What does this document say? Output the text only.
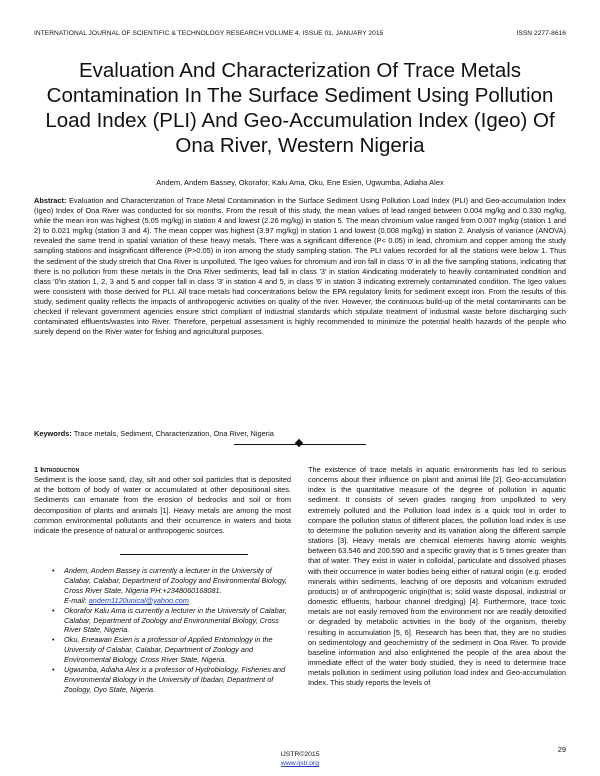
INTERNATIONAL JOURNAL OF SCIENTIFIC & TECHNOLOGY RESEARCH VOLUME 4, ISSUE 01, JANUARY 2015	ISSN 2277-8616
Evaluation And Characterization Of Trace Metals Contamination In The Surface Sediment Using Pollution Load Index (PLI) And Geo-Accumulation Index (Igeo) Of Ona River, Western Nigeria
Andem, Andem Bassey, Okorafor, Kalu Ama, Oku, Ene Esien, Ugwumba, Adiaha Alex
Abstract: Evaluation and Characterization of Trace Metal Contamination in the Surface Sediment Using Pollution Load Index (PLI) and Geo-accumulation Index (Igeo) Index of Ona River was conducted for six months. From the result of this study, the mean values of lead ranged between 0.004 mg/kg and 0.330 mg/kg, while the mean iron was highest (5.05 mg/kg) in station 4 and lowest (2.26 mg/kg) in station 5. The mean chromium value ranged from 0.007 mg/kg (station 1 and 2) to 0.021 mg/kg (station 3 and 4). The mean copper was highest (3.97 mg/kg) in station 1 and lowest (0.008 mg/kg) in station 2. Analysis of variance (ANOVA) revealed the same trend in spatial variation of these heavy metals. There was a significant difference (P< 0.05) in lead, chromium and copper among the study sampling stations and insignificant difference (P>0.05) in iron among the study sampling station. The PLI values recorded for all the stations were below 1. Thus the sediment of the study stretch that Ona River is unpolluted. The Igeo values for chromium and iron fall in class '0' in all the five sampling stations, indicating that there is no pollution from these metals in the Ona River sediments, lead fall in class '3' in station 4indicating moderately to heavily contaminated condition and class '0'in station 1, 2, 3 and 5 and copper fall in class '3' in station 4 and 5, in class '6' in station 3 indicating extremely contaminated condition. The Igeo values were consistent with those derived for PLI. All trace metals had concentrations below the EPA regulatory limits for sediment except iron. From the results of this study, sediment quality reflects the impacts of anthropogenic activities on quality of the river. However, the continuous build-up of the metal contaminants can be checked if relevant government agencies ensure strict compliant of industrial standards which stipulate treatment of industrial waste before discharging such contaminated effluents/wastes into River. Therefore, perpetual assessment is highly recommended to minimize the potential health hazards of the people who surely depend on the River water for fishing and agricultural purposes.
Keywords: Trace metals, Sediment, Characterization, Ona River, Nigeria
1 Introduction
Sediment is the loose sand, clay, silt and other soil particles that is deposited at the bottom of body of water or accumulated at other depositional sites. Sediments can emanate from the erosion of bedrocks and soil or from decomposition of plants and animals [1]. Heavy metals are among the most common environmental pollutants and their occurrence in waters and biota indicate the presence of natural or anthropogenic sources.
• Andem, Andem Bassey is currently a lecturer in the University of Calabar, Calabar, Department of Zoology and Environmental Biology, Cross River State, Nigeria PH:+2348060168081.
E-mail: andem1120unical@yahoo.com
• Okorafor Kalu Ama is currently a lecturer in the University of Calabar, Calabar, Department of Zoology and Environmental Biology, Cross River State, Nigeria.
• Oku, Eneawan Esien is a professor of Applied Entomology in the University of Calabar, Calabar, Department of Zoology and Environmental Biology, Cross River State, Nigeria.
• Ugwumba, Adiaha Alex is a professor of Hydrobiology, Fisheries and Environmental Biology in the University of Ibadan, Department of Zoology, Oyo State, Nigeria.
The existence of trace metals in aquatic environments has led to serious concerns about their influence on plant and animal life [2]. Geo-accumulation index is the quantitative measure of the degree of pollution in aquatic sediment. It consists of seven grades ranging from unpolluted to very extremely polluted and the Pollution load index is a quick tool in order to compare the pollution status of different places, the pollution load index is use to determine the pollution severity and its variation along the different sample stations [3]. Heavy metals are chemical elements having atomic weights between 63.546 and 200.590 and a specific gravity that is 5 times greater than that of water. They exist in water in colloidal, particulate and dissolved phases with their occurrence in water bodies being either of natural origin (e.g. eroded minerals within sediments, leaching of ore deposits and volcanism extruded products) or of anthropogenic origin(that is; solid waste disposal, industrial or domestic effluents, harbour channel dredging) [4]. Furthermore, trace toxic metals are not easily removed from the environment nor are readily detoxified or degraded by metabolic activities in the body of the organism, thereby resulting in accumulation [5, 6]. Research has been that, they are no studies on sedimentology and geochemistry of the sediment in Ona River. To provide baseline information and also enlightened the people of the area about the immediate effect of the water body studied, they is need to determine trace metals pollution in sediment using pollution load index and Geo-accumulation Index. This study reports the levels of
29
IJSTR©2015
www.ijstr.org
